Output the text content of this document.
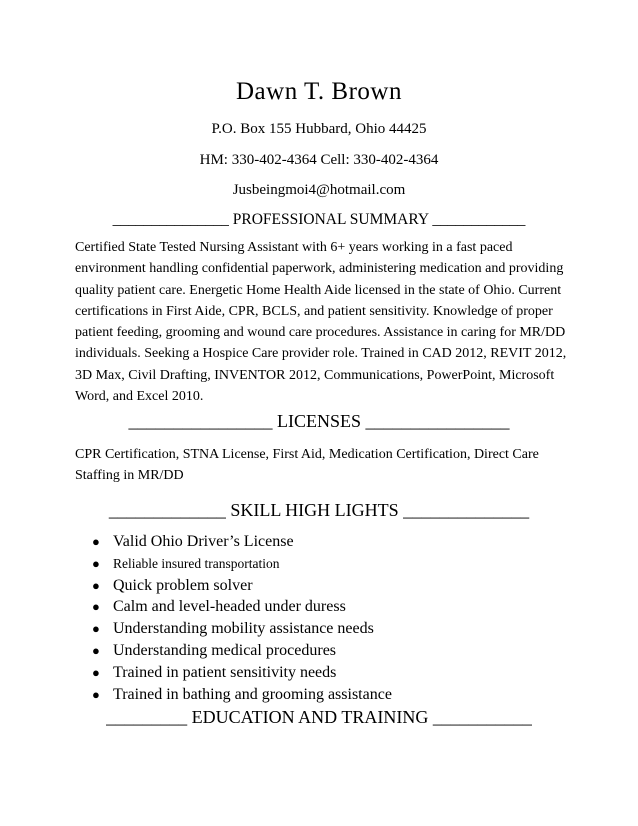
Dawn T. Brown
P.O. Box 155 Hubbard, Ohio 44425
HM: 330-402-4364 Cell: 330-402-4364
Jusbeingmoi4@hotmail.com
_______________ PROFESSIONAL SUMMARY ____________
Certified State Tested Nursing Assistant with 6+ years working in a fast paced environment handling confidential paperwork, administering medication and providing quality patient care. Energetic Home Health Aide licensed in the state of Ohio. Current certifications in First Aide, CPR, BCLS, and patient sensitivity. Knowledge of proper patient feeding, grooming and wound care procedures. Assistance in caring for MR/DD individuals. Seeking a Hospice Care provider role. Trained in CAD 2012, REVIT 2012, 3D Max, Civil Drafting, INVENTOR 2012, Communications, PowerPoint, Microsoft Word, and Excel 2010.
________________ LICENSES ________________
CPR Certification, STNA License, First Aid, Medication Certification, Direct Care Staffing in MR/DD
_____________ SKILL HIGH LIGHTS ______________
● Valid Ohio Driver’s License
● Reliable insured transportation
● Quick problem solver
● Calm and level-headed under duress
● Understanding mobility assistance needs
● Understanding medical procedures
● Trained in patient sensitivity needs
● Trained in bathing and grooming assistance
_________ EDUCATION AND TRAINING ___________
